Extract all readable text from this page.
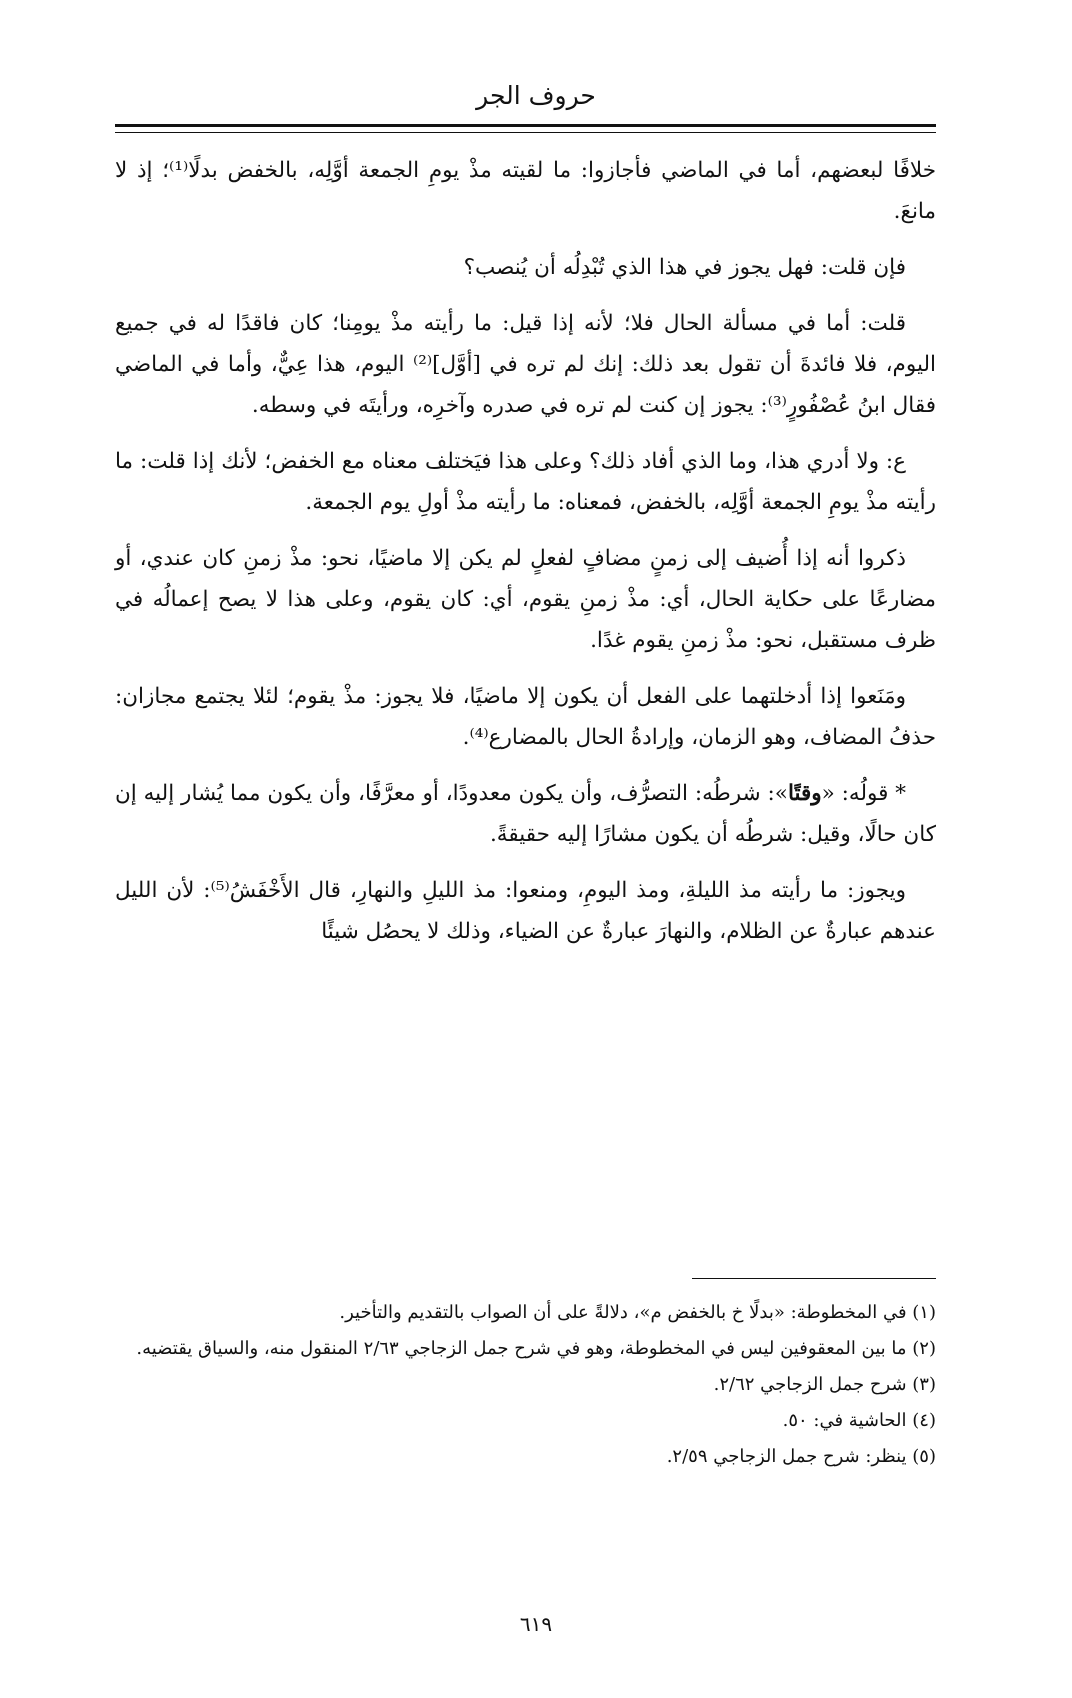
حروف الجر

خلافًا لبعضهم، أما في الماضي فأجازوا: ما لقيته مذْ يومِ الجمعة أوَّلِه، بالخفض بدلًا⁽¹⁾؛ إذ لا مانعَ.

فإن قلت: فهل يجوز في هذا الذي تُبْدِلُه أن يُنصب؟

قلت: أما في مسألة الحال فلا؛ لأنه إذا قيل: ما رأيته مذْ يومِنا؛ كان فاقدًا له في جميع اليوم، فلا فائدةَ أن تقول بعد ذلك: إنك لم تره في [أوَّل]⁽²⁾ اليوم، هذا عِيٌّ، وأما في الماضي فقال ابنُ عُصْفُورٍ⁽³⁾: يجوز إن كنت لم تره في صدره وآخرِه، ورأيتَه في وسطه.

ع: ولا أدري هذا، وما الذي أفاد ذلك؟ وعلى هذا فيَختلف معناه مع الخفض؛ لأنك إذا قلت: ما رأيته مذْ يومِ الجمعة أوَّلِه، بالخفض، فمعناه: ما رأيته مذْ أولِ يوم الجمعة.

ذكروا أنه إذا أُضيف إلى زمنٍ مضافٍ لفعلٍ لم يكن إلا ماضيًا، نحو: مذْ زمنِ كان عندي، أو مضارعًا على حكاية الحال، أي: مذْ زمنِ يقوم، أي: كان يقوم، وعلى هذا لا يصح إعمالُه في ظرف مستقبل، نحو: مذْ زمنِ يقوم غدًا.

ومَنَعوا إذا أدخلتهما على الفعل أن يكون إلا ماضيًا، فلا يجوز: مذْ يقوم؛ لئلا يجتمع مجازان: حذفُ المضاف، وهو الزمان، وإرادةُ الحال بالمضارع⁽⁴⁾.

* قولُه: «وقتًا»: شرطُه: التصرُّف، وأن يكون معدودًا، أو معرَّفًا، وأن يكون مما يُشار إليه إن كان حالًا، وقيل: شرطُه أن يكون مشارًا إليه حقيقةً.

ويجوز: ما رأيته مذ الليلةِ، ومذ اليومِ، ومنعوا: مذ الليلِ والنهارِ، قال الأَخْفَشُ⁽⁵⁾: لأن الليل عندهم عبارةٌ عن الظلام، والنهارَ عبارةٌ عن الضياء، وذلك لا يحصُل شيئًا

(١) في المخطوطة: «بدلًا خ بالخفض م»، دلالةً على أن الصواب بالتقديم والتأخير.

(٢) ما بين المعقوفين ليس في المخطوطة، وهو في شرح جمل الزجاجي ٢/٦٣ المنقول منه، والسياق يقتضيه.

(٣) شرح جمل الزجاجي ٢/٦٢.

(٤) الحاشية في: ٥٠.

(٥) ينظر: شرح جمل الزجاجي ٢/٥٩.

٦١٩
